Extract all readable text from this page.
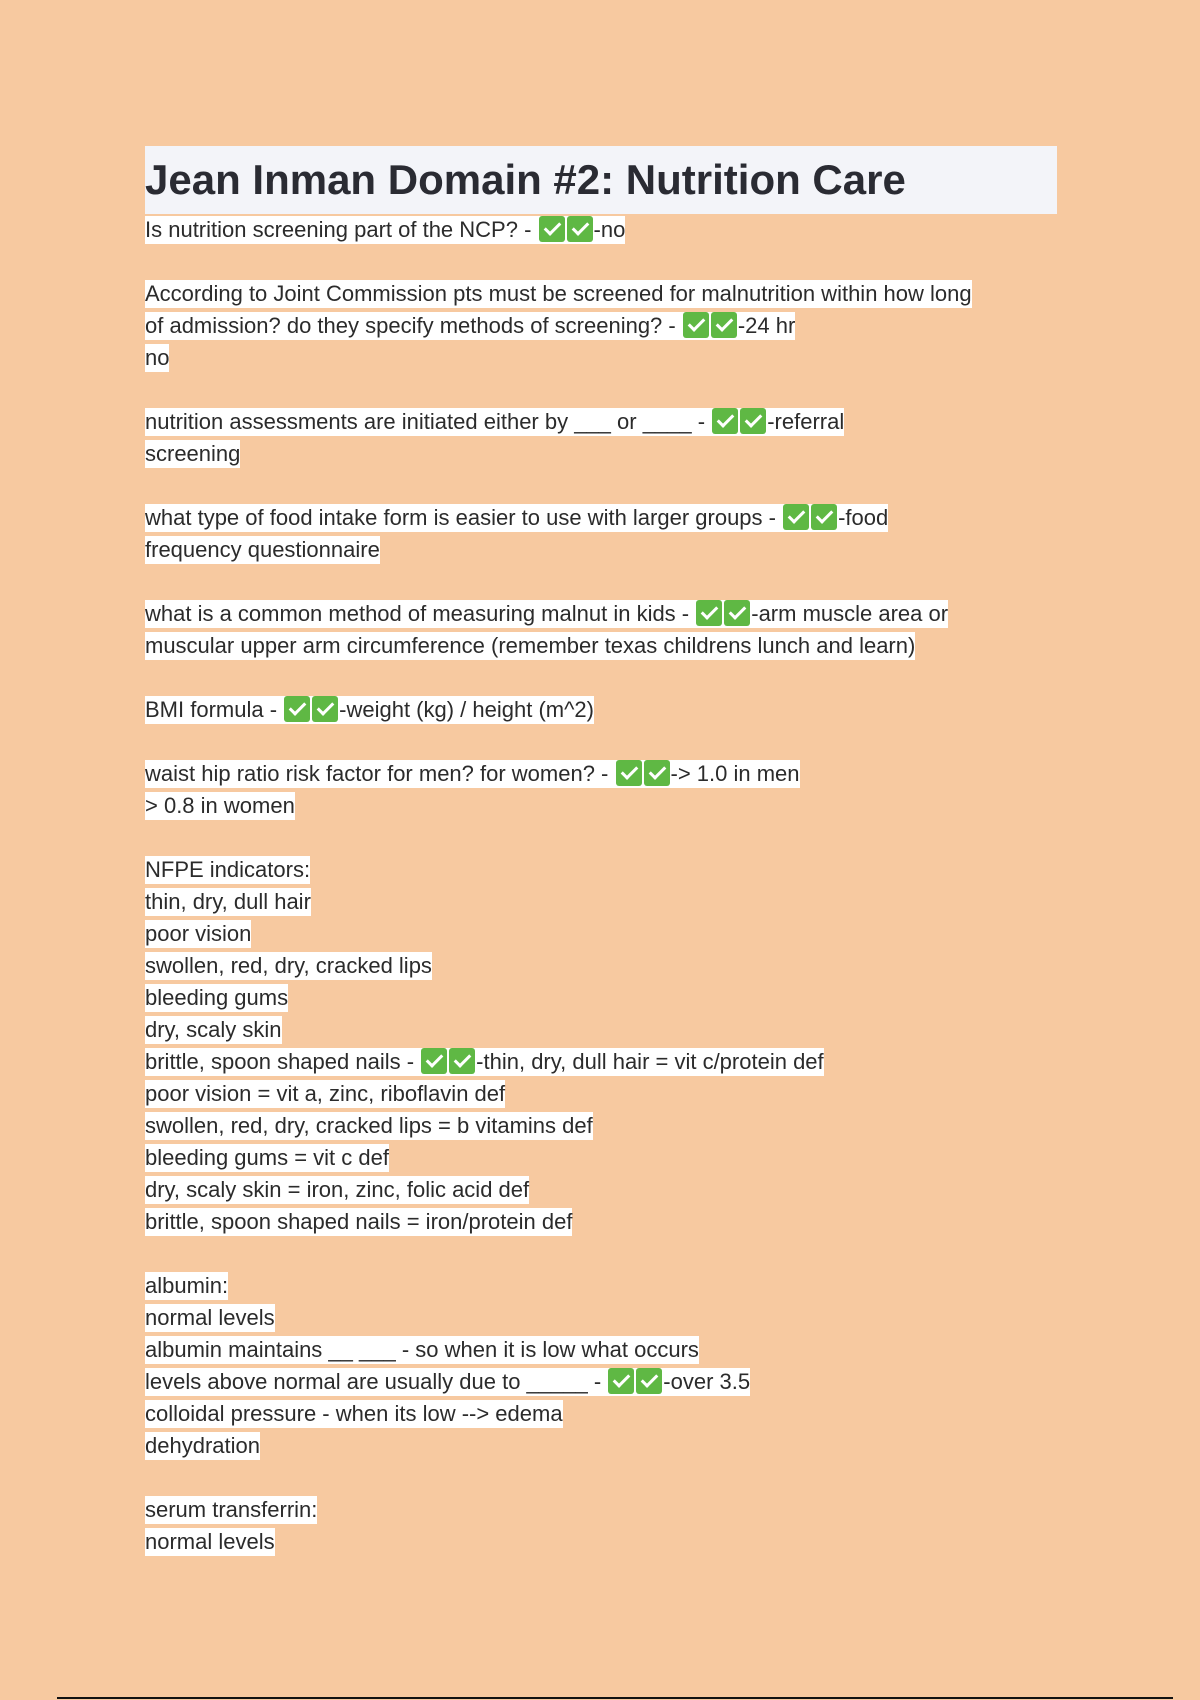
Jean Inman Domain #2: Nutrition Care
Is nutrition screening part of the NCP? -	-no
According to Joint Commission pts must be screened for malnutrition within how long
of admission? do they specify methods of screening? -	-24 hr
no
nutrition assessments are initiated either by ___ or ____ -	-referral
screening
what type of food intake form is easier to use with larger groups -	-food
frequency questionnaire
what is a common method of measuring malnut in kids -	-arm muscle area or
muscular upper arm circumference (remember texas childrens lunch and learn)
BMI formula -	-weight (kg) / height (m^2)
waist hip ratio risk factor for men? for women? -	-> 1.0 in men
> 0.8 in women
NFPE indicators:
thin, dry, dull hair
poor vision
swollen, red, dry, cracked lips
bleeding gums
dry, scaly skin
brittle, spoon shaped nails -	-thin, dry, dull hair = vit c/protein def
poor vision = vit a, zinc, riboflavin def
swollen, red, dry, cracked lips = b vitamins def
bleeding gums = vit c def
dry, scaly skin = iron, zinc, folic acid def
brittle, spoon shaped nails = iron/protein def
albumin:
normal levels
albumin maintains __ ___ - so when it is low what occurs
levels above normal are usually due to _____ -	-over 3.5
colloidal pressure - when its low --> edema
dehydration
serum transferrin:
normal levels
